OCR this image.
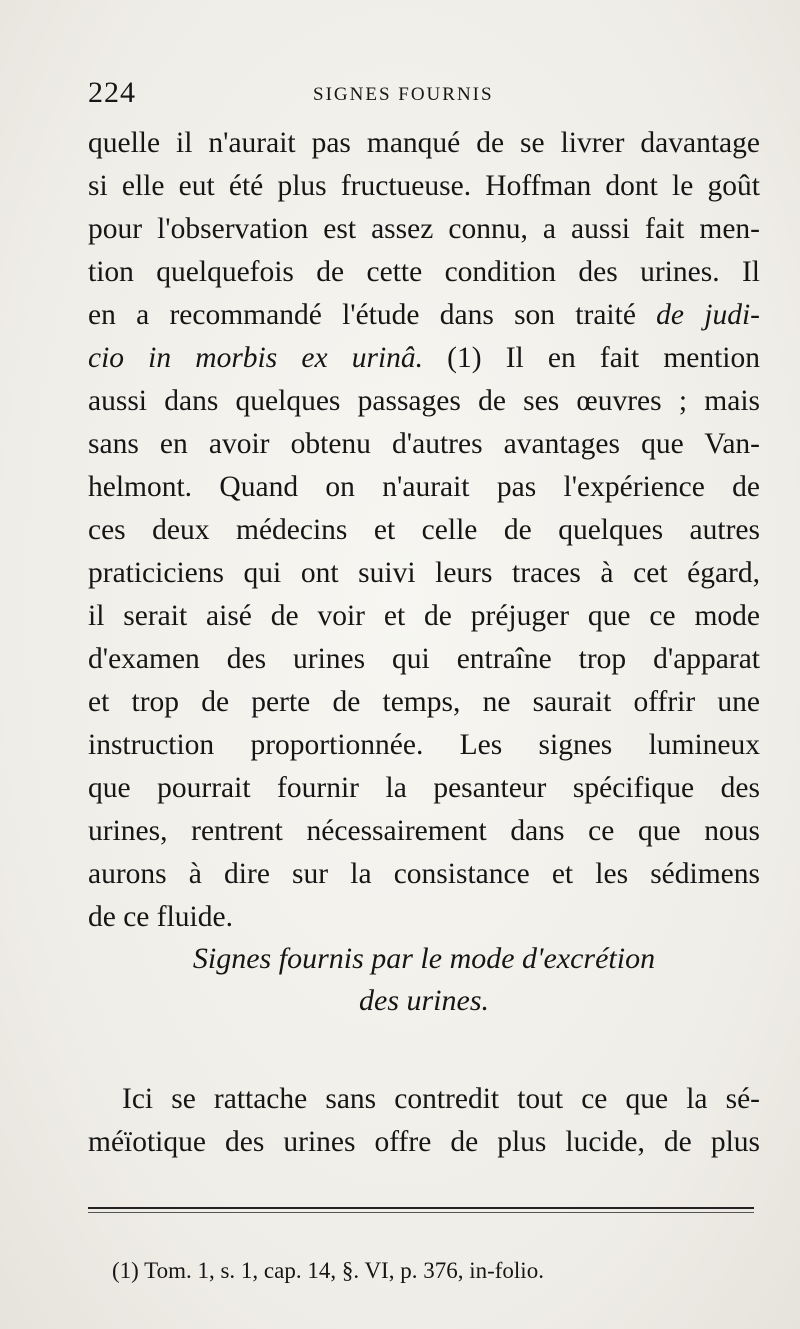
224	SIGNES FOURNIS
quelle il n'aurait pas manqué de se livrer davantage
si elle eut été plus fructueuse. Hoffman dont le goût
pour l'observation est assez connu, a aussi fait men-
tion quelquefois de cette condition des urines. Il
en a recommandé l'étude dans son traité de judi-
cio in morbis ex urinâ. (1) Il en fait mention
aussi dans quelques passages de ses œuvres ; mais
sans en avoir obtenu d'autres avantages que Van-
helmont. Quand on n'aurait pas l'expérience de
ces deux médecins et celle de quelques autres
praticiciens qui ont suivi leurs traces à cet égard,
il serait aisé de voir et de préjuger que ce mode
d'examen des urines qui entraîne trop d'apparat
et trop de perte de temps, ne saurait offrir une
instruction proportionnée. Les signes lumineux
que pourrait fournir la pesanteur spécifique des
urines, rentrent nécessairement dans ce que nous
aurons à dire sur la consistance et les sédimens
de ce fluide.
Signes fournis par le mode d'excrétion
des urines.
Ici se rattache sans contredit tout ce que la sé-
méïotique des urines offre de plus lucide, de plus
(1) Tom. 1, s. 1, cap. 14, §. VI, p. 376, in-folio.
